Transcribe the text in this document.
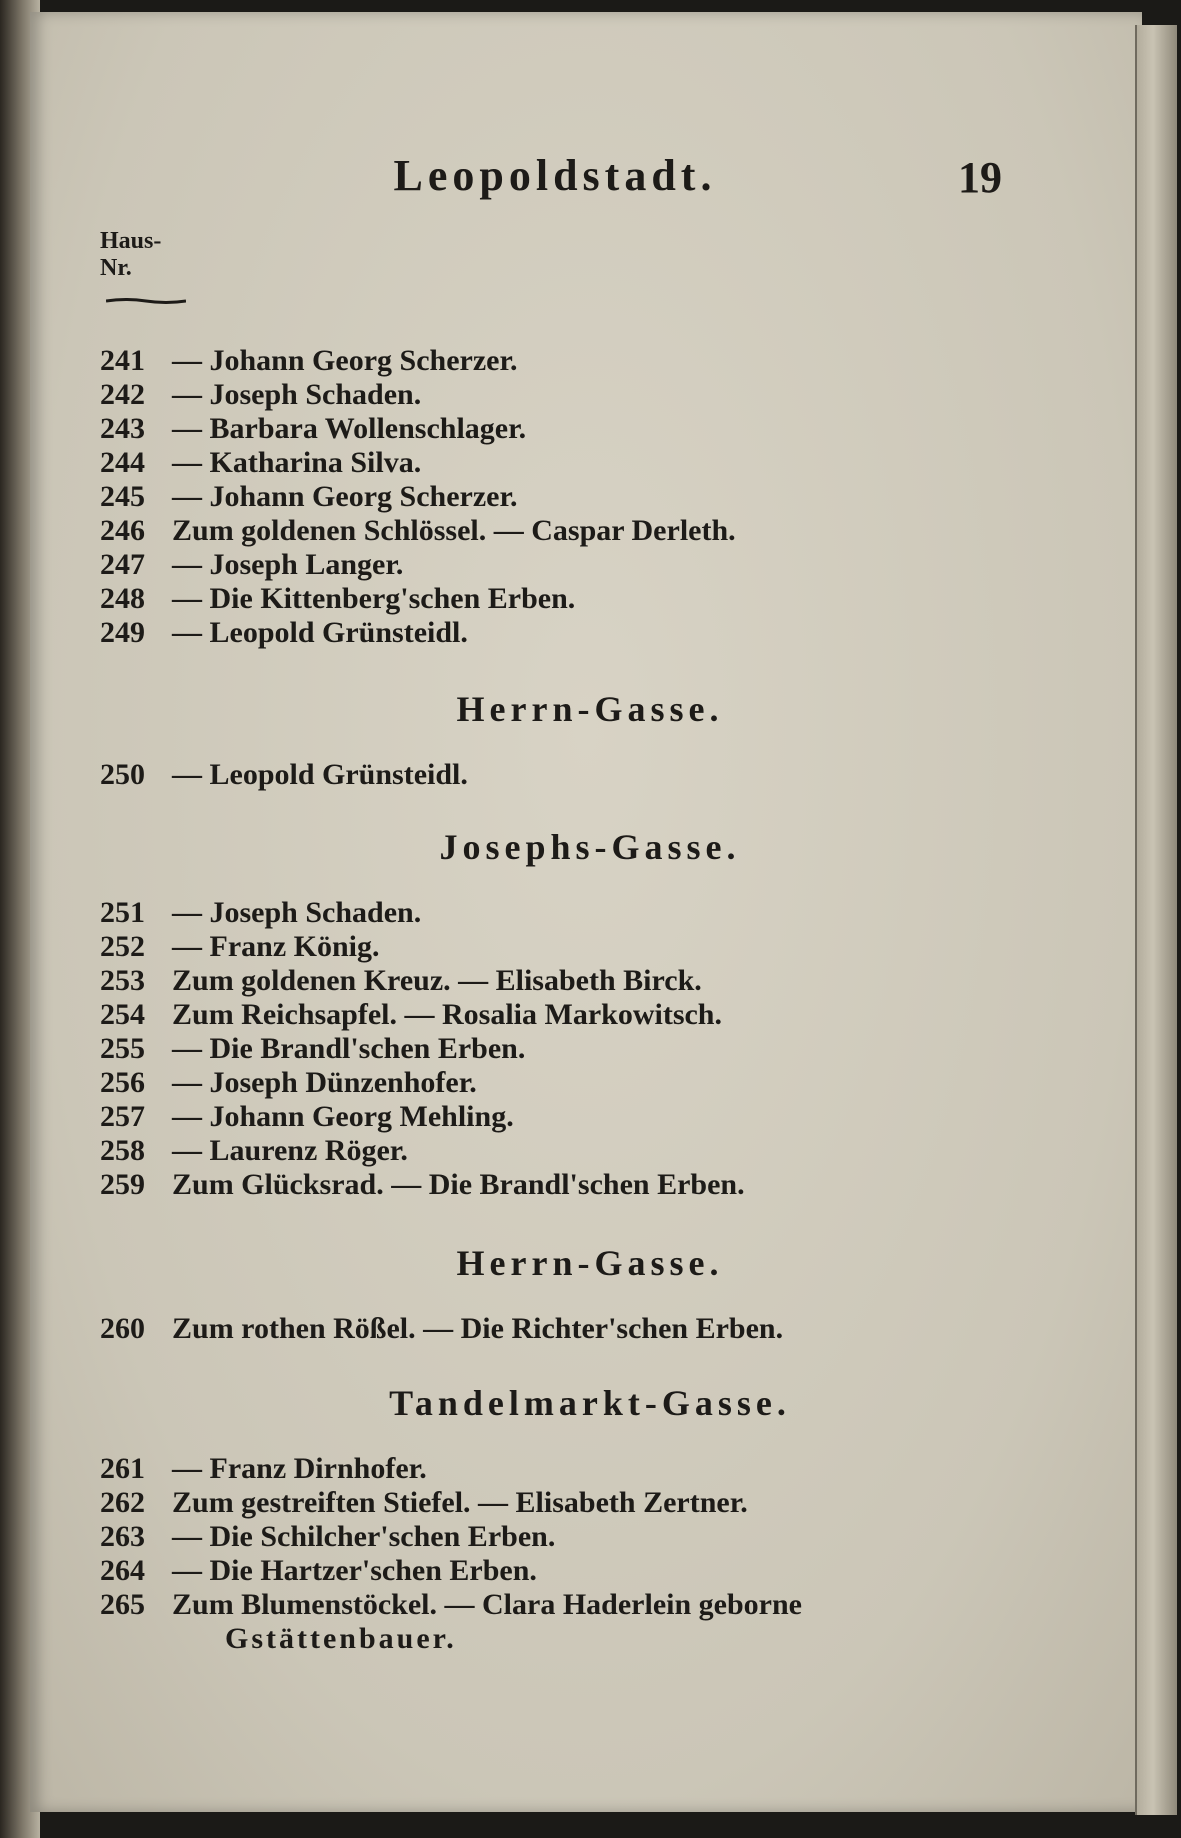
Leopoldstadt.	19
Haus-
Nr.
241 — Johann Georg Scherzer.
242 — Joseph Schaden.
243 — Barbara Wollenschlager.
244 — Katharina Silva.
245 — Johann Georg Scherzer.
246 Zum goldenen Schlössel. — Caspar Derleth.
247 — Joseph Langer.
248 — Die Kittenberg'schen Erben.
249 — Leopold Grünsteidl.
Herrn-Gasse.
250 — Leopold Grünsteidl.
Josephs-Gasse.
251 — Joseph Schaden.
252 — Franz König.
253 Zum goldenen Kreuz. — Elisabeth Birck.
254 Zum Reichsapfel. — Rosalia Markowitsch.
255 — Die Brandl'schen Erben.
256 — Joseph Dünzenhofer.
257 — Johann Georg Mehling.
258 — Laurenz Röger.
259 Zum Glücksrad. — Die Brandl'schen Erben.
Herrn-Gasse.
260 Zum rothen Rößel. — Die Richter'schen Erben.
Tandelmarkt-Gasse.
261 — Franz Dirnhofer.
262 Zum gestreiften Stiefel. — Elisabeth Zertner.
263 — Die Schilcher'schen Erben.
264 — Die Hartzer'schen Erben.
265 Zum Blumenstöckel. — Clara Haderlein geborne
Gstättenbauer.
